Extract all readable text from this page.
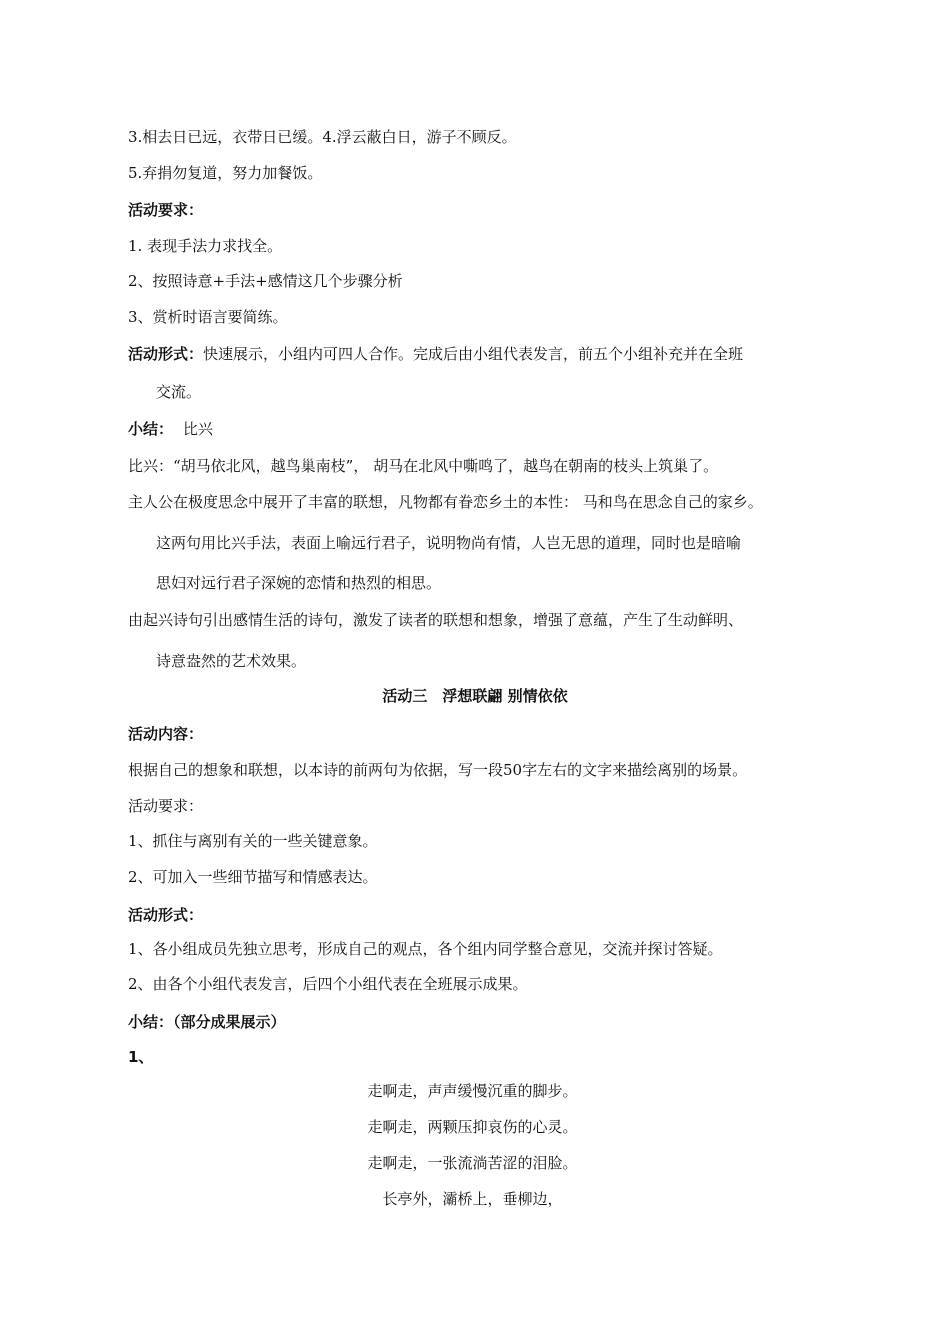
3.相去日已远，衣带日已缓。4.浮云蔽白日，游子不顾反。
5.弃捐勿复道，努力加餐饭。
活动要求：
1. 表现手法力求找全。
2、按照诗意+手法+感情这几个步骤分析
3、赏析时语言要简练。
活动形式：快速展示，小组内可四人合作。完成后由小组代表发言，前五个小组补充并在全班
交流。
小结： 比兴
比兴：“胡马依北风，越鸟巢南枝”， 胡马在北风中嘶鸣了，越鸟在朝南的枝头上筑巢了。
主人公在极度思念中展开了丰富的联想，凡物都有眷恋乡土的本性： 马和鸟在思念自己的家乡。
这两句用比兴手法，表面上喻远行君子，说明物尚有情，人岂无思的道理，同时也是暗喻
思妇对远行君子深婉的恋情和热烈的相思。
由起兴诗句引出感情生活的诗句，激发了读者的联想和想象，增强了意蕴，产生了生动鲜明、
诗意盎然的艺术效果。
活动三　浮想联翩 别情依依
活动内容：
根据自己的想象和联想，以本诗的前两句为依据，写一段50字左右的文字来描绘离别的场景。
活动要求：
1、抓住与离别有关的一些关键意象。
2、可加入一些细节描写和情感表达。
活动形式：
1、各小组成员先独立思考，形成自己的观点，各个组内同学整合意见，交流并探讨答疑。
2、由各个小组代表发言，后四个小组代表在全班展示成果。
小结：（部分成果展示）
1、
走啊走，声声缓慢沉重的脚步。
走啊走，两颗压抑哀伤的心灵。
走啊走，一张流淌苦涩的泪脸。
长亭外，灞桥上，垂柳边，
